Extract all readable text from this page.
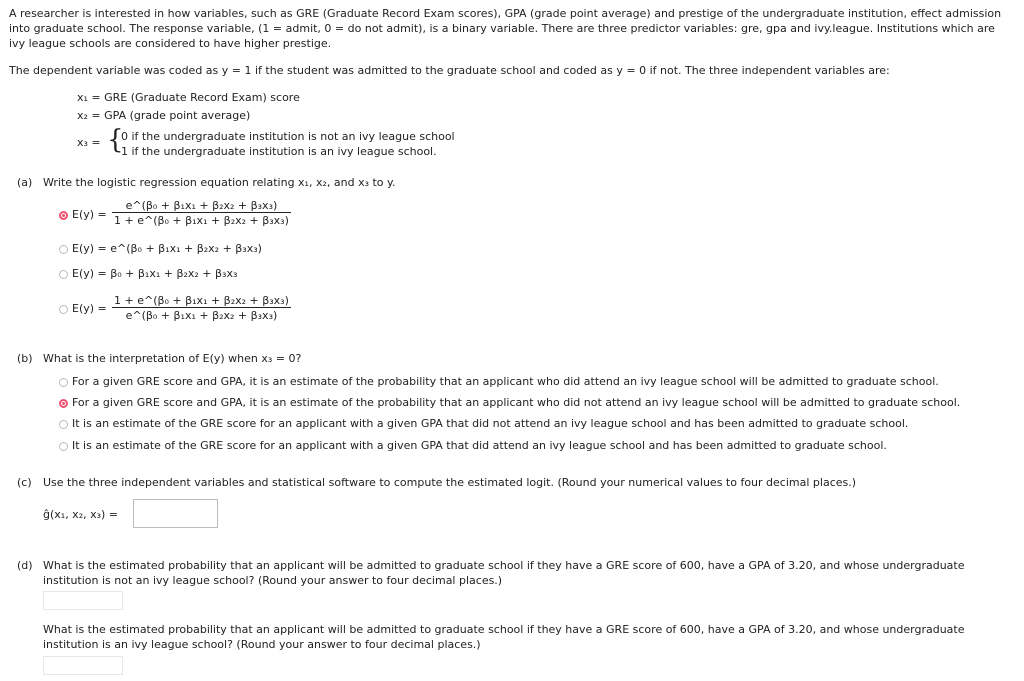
A researcher is interested in how variables, such as GRE (Graduate Record Exam scores), GPA (grade point average) and prestige of the undergraduate institution, effect admission
into graduate school. The response variable, (1 = admit, 0 = do not admit), is a binary variable. There are three predictor variables: gre, gpa and ivy.league. Institutions which are
ivy league schools are considered to have higher prestige.
The dependent variable was coded as y = 1 if the student was admitted to the graduate school and coded as y = 0 if not. The three independent variables are:
x₁ = GRE (Graduate Record Exam) score
x₂ = GPA (grade point average)
x₃ = {
0 if the undergraduate institution is not an ivy league school
1 if the undergraduate institution is an ivy league school.
(a) Write the logistic regression equation relating x₁, x₂, and x₃ to y.
$E(y) = \frac{\text{e\textasciicircum{}(β₀ + β₁x₁ + β₂x₂ + β₃x₃)}}{\text{1 + e\textasciicircum{}(β₀ + β₁x₁ + β₂x₂ + β₃x₃)}}$
E(y) = e^(β₀ + β₁x₁ + β₂x₂ + β₃x₃)
E(y) = β₀ + β₁x₁ + β₂x₂ + β₃x₃
$E(y) = \frac{\text{1 + e\textasciicircum{}(β₀ + β₁x₁ + β₂x₂ + β₃x₃)}}{\text{e\textasciicircum{}(β₀ + β₁x₁ + β₂x₂ + β₃x₃)}}$
(b) What is the interpretation of E(y) when x₃ = 0?
For a given GRE score and GPA, it is an estimate of the probability that an applicant who did attend an ivy league school will be admitted to graduate school.
For a given GRE score and GPA, it is an estimate of the probability that an applicant who did not attend an ivy league school will be admitted to graduate school.
It is an estimate of the GRE score for an applicant with a given GPA that did not attend an ivy league school and has been admitted to graduate school.
It is an estimate of the GRE score for an applicant with a given GPA that did attend an ivy league school and has been admitted to graduate school.
(c) Use the three independent variables and statistical software to compute the estimated logit. (Round your numerical values to four decimal places.)
ĝ(x₁, x₂, x₃) =
(d) What is the estimated probability that an applicant will be admitted to graduate school if they have a GRE score of 600, have a GPA of 3.20, and whose undergraduate
institution is not an ivy league school? (Round your answer to four decimal places.)
What is the estimated probability that an applicant will be admitted to graduate school if they have a GRE score of 600, have a GPA of 3.20, and whose undergraduate
institution is an ivy league school? (Round your answer to four decimal places.)
